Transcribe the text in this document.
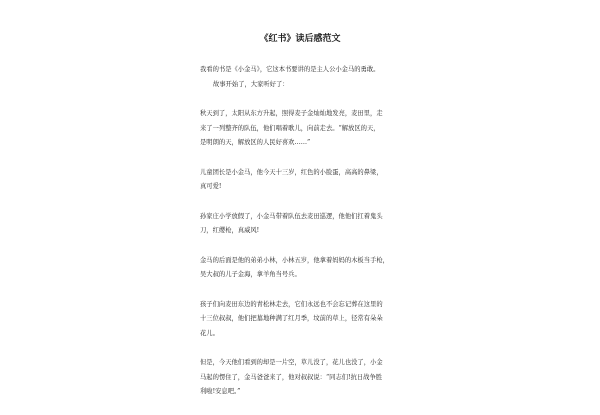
《红书》读后感范文
我看的书是《小金马》，它这本书要讲的是主人公小金马的勇敢。
故事开始了，大家听好了：
秋天到了，太阳从东方升起，照得麦子金灿灿地发亮，麦田里，走
来了一列整齐的队伍，他们唱着歌儿，向前走去。“解放区的天，
是明朗的天，解放区的人民好喜欢……”
儿童团长是小金马，他今天十三岁，红色的小脸蛋，高高的鼻梁，
真可爱!
孙家庄小学放假了，小金马带着队伍去麦田巡逻，他他们扛着鬼头
刀，红缨枪，真威风!
金马的后面是他的弟弟小林，小林五岁，他拿着妈妈的木板当手枪，
吴大叔的儿子金海，拿羊角当号兵。
孩子们向麦田东边的青松林走去，它们永远也不会忘记葬在这里的
十三位叔叔，他们把墓地种满了红月季，坟前的草上，径常有朵朵
花儿。
但是，今天他们看到的却是一片空，草儿没了，花儿也没了，小金
马起的愣住了，金马爸爸来了，他对叔叔说：“同志们!抗日战争胜
利啦!安息吧。”
